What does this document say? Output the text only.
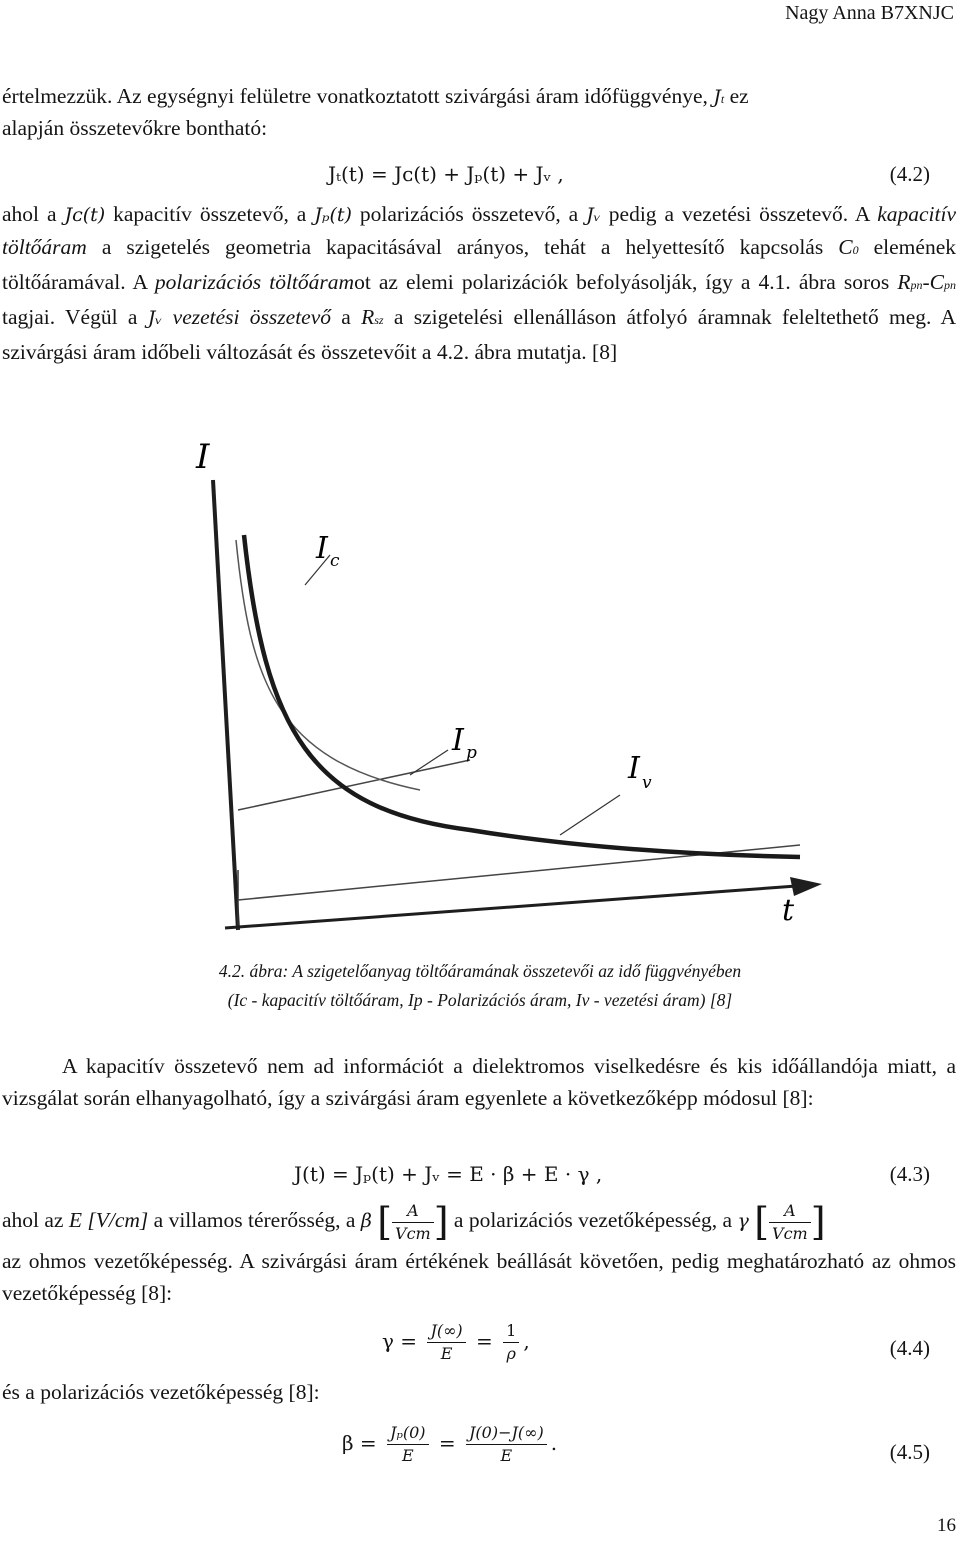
Nagy Anna B7XNJC
értelmezzük. Az egységnyi felületre vonatkoztatott szivárgási áram időfüggvénye, Jt ez
alapján összetevőkre bontható:
Jₜ(t) = Jᴄ(t) + Jₚ(t) + Jᵥ ,	(4.2)

ahol a Jᴄ(t) kapacitív összetevő, a Jₚ(t) polarizációs összetevő, a Jᵥ pedig a vezetési összetevő. A kapacitív töltőáram a szigetelés geometria kapacitásával arányos, tehát a helyettesítő kapcsolás C0 elemének töltőáramával. A polarizációs töltőáramot az elemi polarizációk befolyásolják, így a 4.1. ábra soros Rpn-Cpn tagjai. Végül a Jᵥ vezetési összetevő a Rsz a szigetelési ellenálláson átfolyó áramnak feleltethető meg. A szivárgási áram időbeli változását és összetevőit a 4.2. ábra mutatja. [8]

I
t
I c
I p	I v
4.2. ábra: A szigetelőanyag töltőáramának összetevői az idő függvényében
(Ic - kapacitív töltőáram, Ip - Polarizációs áram, Iv - vezetési áram) [8]

A kapacitív összetevő nem ad információt a dielektromos viselkedésre és kis időállandója miatt, a vizsgálat során elhanyagolható, így a szivárgási áram egyenlete a következőképp módosul [8]:

J(t) = Jₚ(t) + Jᵥ = E · β + E · γ ,	(4.3)
ahol az E [V/cm] a villamos térerősség, a β [ $\frac{A}{\text{Vcm}}$ ] a polarizációs vezetőképesség, a γ [ $\frac{A}{\text{Vcm}}$ ]

az ohmos vezetőképesség. A szivárgási áram értékének beállását követően, pedig meghatározható az ohmos vezetőképesség [8]:

$\gamma = \frac{J(\infty)}{E} = \frac{1}{\rho}$ ,	(4.4)
és a polarizációs vezetőképesség [8]:
$\beta = \frac{\text{Jₚ(0)}}{E} = \frac{J(0)-J(\infty)}{E}$ .	(4.5)
16
